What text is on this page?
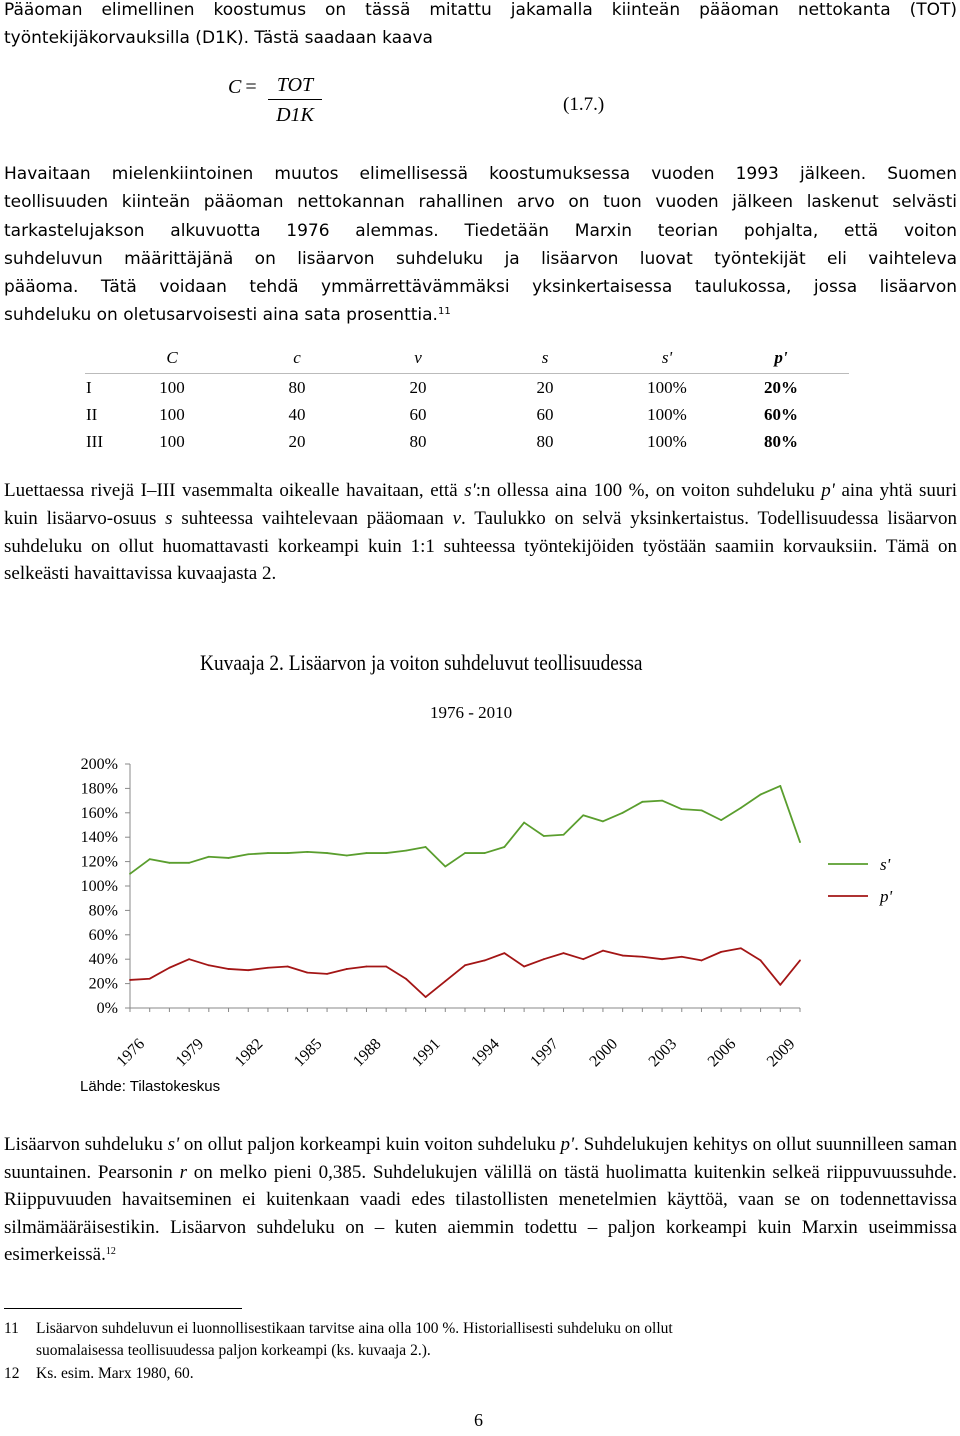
Pääoman elimellinen koostumus on tässä mitattu jakamalla kiinteän pääoman nettokanta (TOT)
työntekijäkorvauksilla (D1K). Tästä saadaan kaava
C =	TOT
D1K	(1.7.)
Havaitaan mielenkiintoinen muutos elimellisessä koostumuksessa vuoden 1993 jälkeen. Suomen
teollisuuden kiinteän pääoman nettokannan rahallinen arvo on tuon vuoden jälkeen laskenut selvästi
tarkastelujakson alkuvuotta 1976 alemmas. Tiedetään Marxin teorian pohjalta, että voiton
suhdeluvun määrittäjänä on lisäarvon suhdeluku ja lisäarvon luovat työntekijät eli vaihteleva
pääoma. Tätä voidaan tehdä ymmärrettävämmäksi yksinkertaisessa taulukossa, jossa lisäarvon
suhdeluku on oletusarvoisesti aina sata prosenttia.$^{11}$
	C	c	v	s	s'	p'
I	100	80	20	20	100%	20%
II	100	40	60	60	100%	60%
III	100	20	80	80	100%	80%
Luettaessa rivejä I–III vasemmalta oikealle havaitaan, että s':n ollessa aina 100 %, on voiton suhdeluku p' aina yhtä suuri kuin lisäarvo-osuus s suhteessa vaihtelevaan pääomaan v. Taulukko on selvä yksinkertaistus. Todellisuudessa lisäarvon suhdeluku on ollut huomattavasti korkeampi kuin 1:1 suhteessa työntekijöiden työstään saamiin korvauksiin. Tämä on selkeästi havaittavissa kuvaajasta 2.
Kuvaaja 2. Lisäarvon ja voiton suhdeluvut teollisuudessa
1976 - 2010
200%
180%
160%
140%
120%
100%
80%
60%
40%
20%
0%
1976 1979 1982 1985 1988 1991 1994 1997 2000 2003 2006 2009
s'
p'
Lähde: Tilastokeskus
Lisäarvon suhdeluku s' on ollut paljon korkeampi kuin voiton suhdeluku p'. Suhdelukujen kehitys on ollut suunnilleen saman suuntainen. Pearsonin r on melko pieni 0,385. Suhdelukujen välillä on tästä huolimatta kuitenkin selkeä riippuvuussuhde. Riippuvuuden havaitseminen ei kuitenkaan vaadi edes tilastollisten menetelmien käyttöä, vaan se on todennettavissa silmämääräisestikin. Lisäarvon suhdeluku on – kuten aiemmin todettu – paljon korkeampi kuin Marxin useimmissa esimerkeissä.$^{12}$
11 Lisäarvon suhdeluvun ei luonnollisestikaan tarvitse aina olla 100 %. Historiallisesti suhdeluku on ollut
suomalaisessa teollisuudessa paljon korkeampi (ks. kuvaaja 2.).
12 Ks. esim. Marx 1980, 60.
6
